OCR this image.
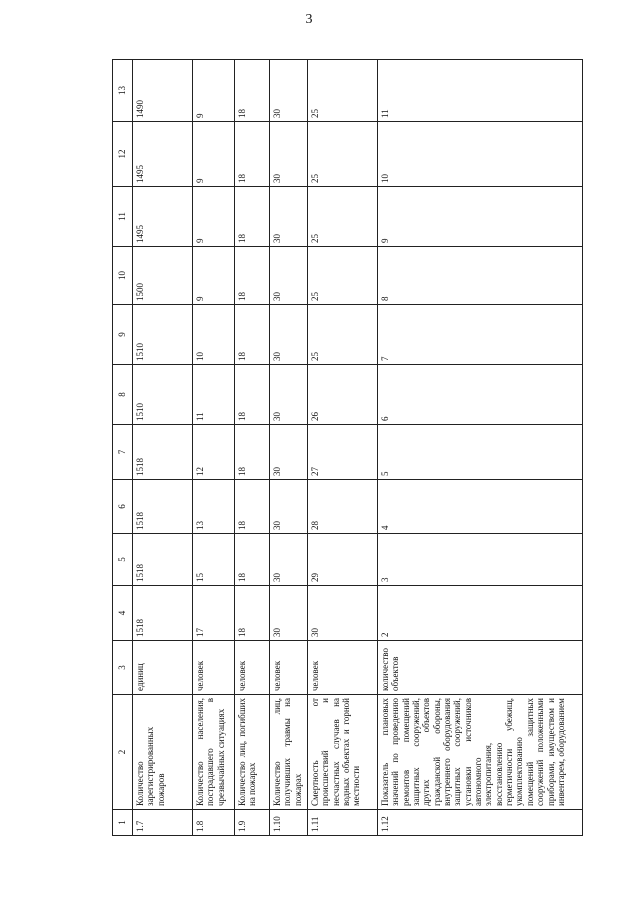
3
1	2	3	4	5	6	7	8	9	10	11	12	13
1.7	Количество зарегистрированных пожаров	единиц	1518	1518	1518	1518	1510	1510	1500	1495	1495	1490
1.8	Количество населения, пострадавшего в чрезвычайных ситуациях	человек	17	15	13	12	11	10	9	9	9	9
1.9	Количество лиц, погибших на пожарах	человек	18	18	18	18	18	18	18	18	18	18
1.10	Количество лиц, получивших травмы на пожарах	человек	30	30	30	30	30	30	30	30	30	30
1.11	Смертность от происшествий и несчастных случаев на водных объектах и горной местности	человек	30	29	28	27	26	25	25	25	25	25
1.12	Показатель плановых значений по проведению ремонтов помещений защитных сооружений, других объектов гражданской обороны, внутреннего оборудования защитных сооружений, установки источников автономного электропитания, восстановлению герметичности убежищ, укомплектованию помещений защитных сооружений положенными приборами, имуществом и инвентарем, оборудованием	количество объектов	2	3	4	5	6	7	8	9	10	11
